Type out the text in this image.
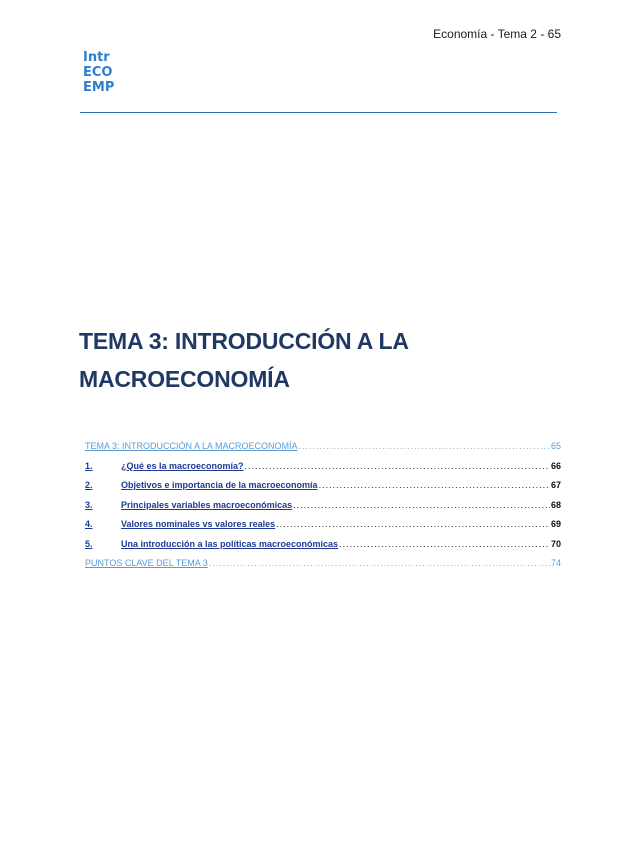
Economía - Tema 2 - 65
Intr
ECO
EMP
TEMA 3: INTRODUCCIÓN A LA
MACROECONOMÍA
TEMA 3: INTRODUCCIÓN A LA MACROECONOMÍA .....	65
1.	¿Qué es la macroeconomía? .....	66
2.	Objetivos e importancia de la macroeconomía .....	67
3.	Principales variables macroeconómicas .....	68
4.	Valores nominales vs valores reales .....	69
5.	Una introducción a las políticas macroeconómicas .....	70
PUNTOS CLAVE DEL TEMA 3 .....	74
